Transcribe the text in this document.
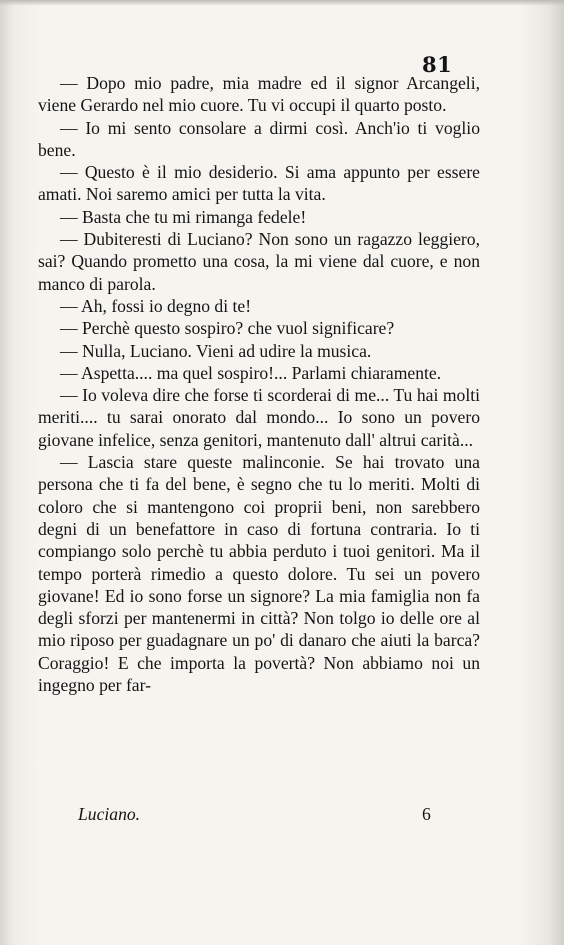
81

— Dopo mio padre, mia madre ed il signor Arcangeli, viene Gerardo nel mio cuore. Tu vi occupi il quarto posto.

— Io mi sento consolare a dirmi così. Anch'io ti voglio bene.

— Questo è il mio desiderio. Si ama appunto per essere amati. Noi saremo amici per tutta la vita.

— Basta che tu mi rimanga fedele!

— Dubiteresti di Luciano? Non sono un ragazzo leggiero, sai? Quando prometto una cosa, la mi viene dal cuore, e non manco di parola.

— Ah, fossi io degno di te!

— Perchè questo sospiro? che vuol significare?

— Nulla, Luciano. Vieni ad udire la musica.

— Aspetta.... ma quel sospiro!... Parlami chiaramente.

— Io voleva dire che forse ti scorderai di me... Tu hai molti meriti.... tu sarai onorato dal mondo... Io sono un povero giovane infelice, senza genitori, mantenuto dall' altrui carità...

— Lascia stare queste malinconie. Se hai trovato una persona che ti fa del bene, è segno che tu lo meriti. Molti di coloro che si mantengono coi proprii beni, non sarebbero degni di un benefattore in caso di fortuna contraria. Io ti compiango solo perchè tu abbia perduto i tuoi genitori. Ma il tempo porterà rimedio a questo dolore. Tu sei un povero giovane! Ed io sono forse un signore? La mia famiglia non fa degli sforzi per mantenermi in città? Non tolgo io delle ore al mio riposo per guadagnare un po' di danaro che aiuti la barca? Coraggio! E che importa la povertà? Non abbiamo noi un ingegno per far-

Luciano.	6
